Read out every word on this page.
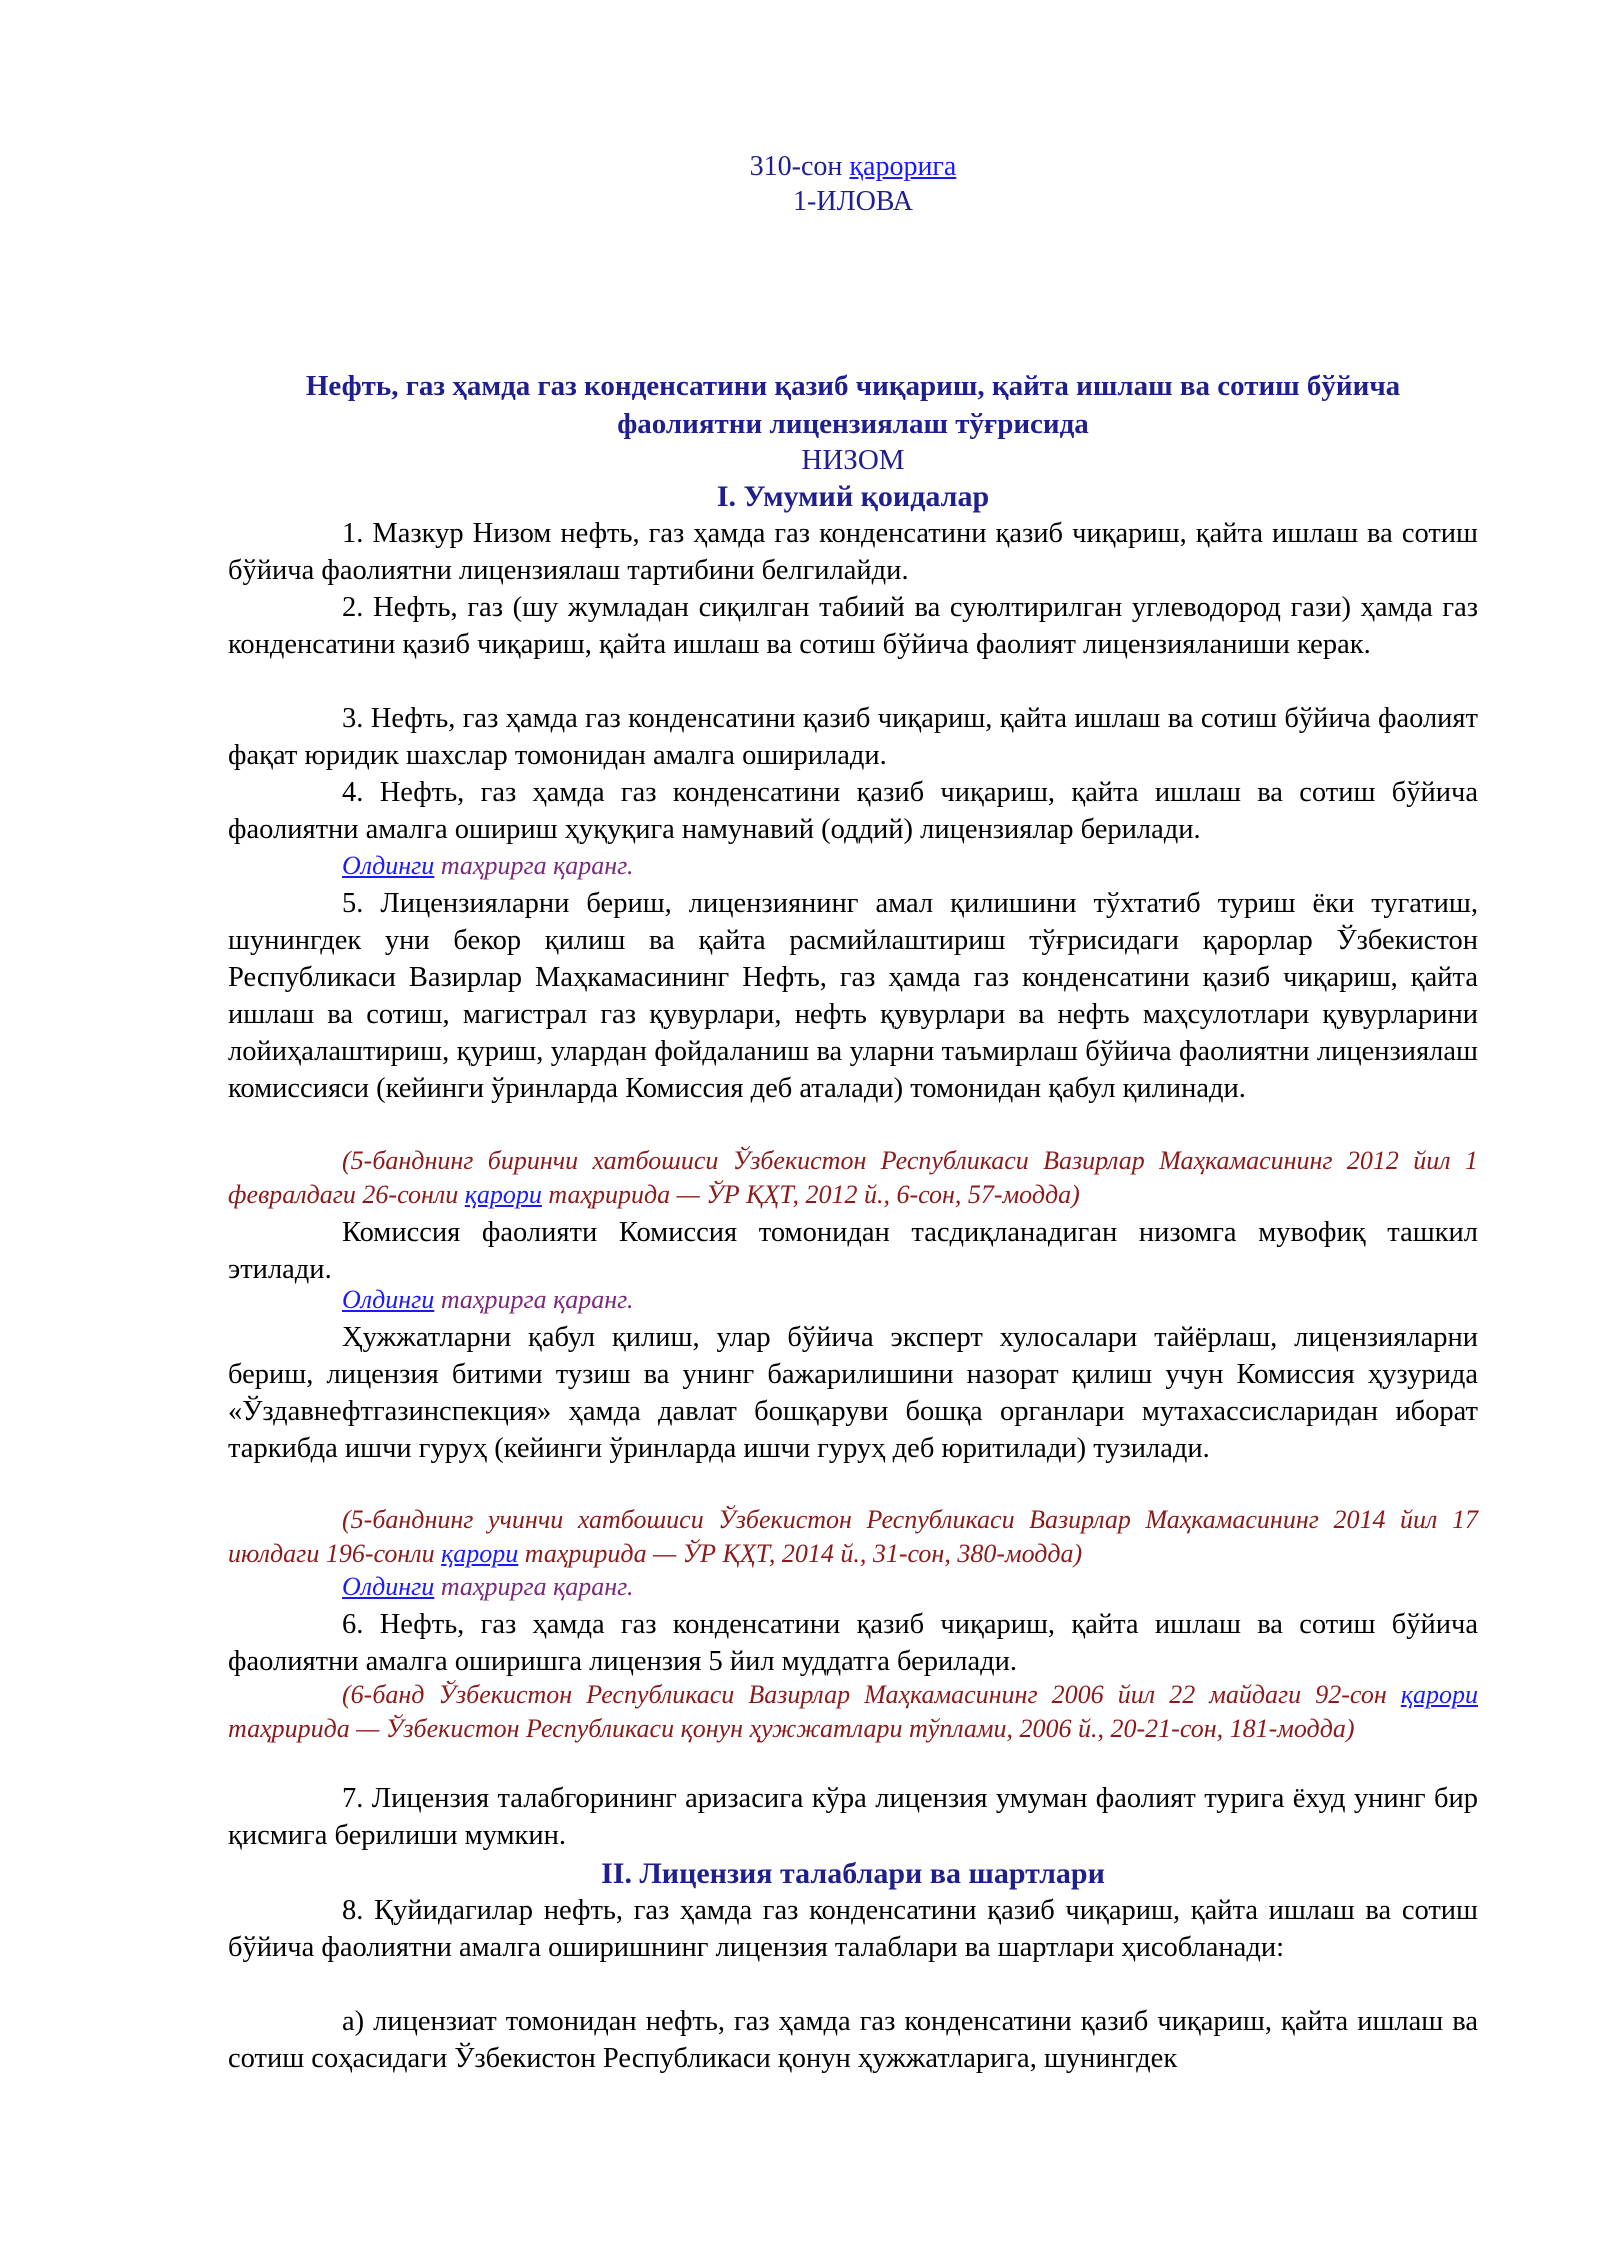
310-сон қарорига
1-ИЛОВА
Нефть, газ ҳамда газ конденсатини қазиб чиқариш, қайта ишлаш ва сотиш бўйича
фаолиятни лицензиялаш тўғрисида
НИЗОМ
I. Умумий қоидалар

1. Мазкур Низом нефть, газ ҳамда газ конденсатини қазиб чиқариш, қайта ишлаш ва сотиш бўйича фаолиятни лицензиялаш тартибини белгилайди.

2. Нефть, газ (шу жумладан сиқилган табиий ва суюлтирилган углеводород гази) ҳамда газ конденсатини қазиб чиқариш, қайта ишлаш ва сотиш бўйича фаолият лицензияланиши керак.

3. Нефть, газ ҳамда газ конденсатини қазиб чиқариш, қайта ишлаш ва сотиш бўйича фаолият фақат юридик шахслар томонидан амалга оширилади.

4. Нефть, газ ҳамда газ конденсатини қазиб чиқариш, қайта ишлаш ва сотиш бўйича фаолиятни амалга ошириш ҳуқуқига намунавий (оддий) лицензиялар берилади.

Олдинги таҳрирга қаранг.

5. Лицензияларни бериш, лицензиянинг амал қилишини тўхтатиб туриш ёки тугатиш, шунингдек уни бекор қилиш ва қайта расмийлаштириш тўғрисидаги қарорлар Ўзбекистон Республикаси Вазирлар Маҳкамасининг Нефть, газ ҳамда газ конденсатини қазиб чиқариш, қайта ишлаш ва сотиш, магистрал газ қувурлари, нефть қувурлари ва нефть маҳсулотлари қувурларини лойиҳалаштириш, қуриш, улардан фойдаланиш ва уларни таъмирлаш бўйича фаолиятни лицензиялаш комиссияси (кейинги ўринларда Комиссия деб аталади) томонидан қабул қилинади.

(5-банднинг биринчи хатбошиси Ўзбекистон Республикаси Вазирлар Маҳкамасининг 2012 йил 1 февралдаги 26-сонли қарори таҳририда — ЎР ҚҲТ, 2012 й., 6-сон, 57-модда)

Комиссия фаолияти Комиссия томонидан тасдиқланадиган низомга мувофиқ ташкил этилади.

Олдинги таҳрирга қаранг.

Ҳужжатларни қабул қилиш, улар бўйича эксперт хулосалари тайёрлаш, лицензияларни бериш, лицензия битими тузиш ва унинг бажарилишини назорат қилиш учун Комиссия ҳузурида «Ўздавнефтгазинспекция» ҳамда давлат бошқаруви бошқа органлари мутахассисларидан иборат таркибда ишчи гуруҳ (кейинги ўринларда ишчи гуруҳ деб юритилади) тузилади.

(5-банднинг учинчи хатбошиси Ўзбекистон Республикаси Вазирлар Маҳкамасининг 2014 йил 17 июлдаги 196-сонли қарори таҳририда — ЎР ҚҲТ, 2014 й., 31-сон, 380-модда)

Олдинги таҳрирга қаранг.

6. Нефть, газ ҳамда газ конденсатини қазиб чиқариш, қайта ишлаш ва сотиш бўйича фаолиятни амалга оширишга лицензия 5 йил муддатга берилади.

(6-банд Ўзбекистон Республикаси Вазирлар Маҳкамасининг 2006 йил 22 майдаги 92-сон қарори таҳририда — Ўзбекистон Республикаси қонун ҳужжатлари тўплами, 2006 й., 20-21-сон, 181-модда)

7. Лицензия талабгорининг аризасига кўра лицензия умуман фаолият турига ёхуд унинг бир қисмига берилиши мумкин.

II. Лицензия талаблари ва шартлари

8. Қуйидагилар нефть, газ ҳамда газ конденсатини қазиб чиқариш, қайта ишлаш ва сотиш бўйича фаолиятни амалга оширишнинг лицензия талаблари ва шартлари ҳисобланади:

а) лицензиат томонидан нефть, газ ҳамда газ конденсатини қазиб чиқариш, қайта ишлаш ва сотиш соҳасидаги Ўзбекистон Республикаси қонун ҳужжатларига, шунингдек
